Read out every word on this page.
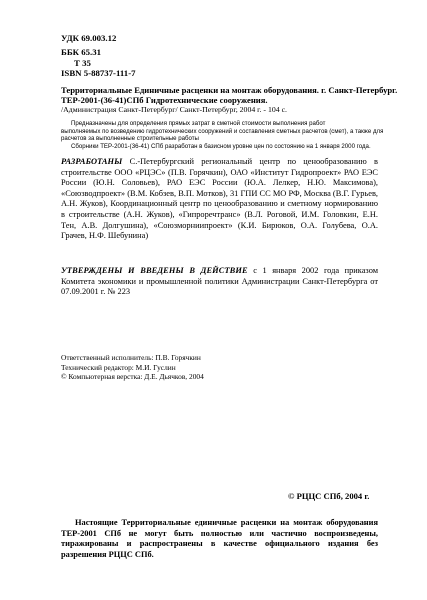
УДК 69.003.12
ББК 65.31
Т 35
ISBN 5-88737-111-7
Территориальные Единичные расценки на монтаж оборудования. г. Санкт-Петербург.
ТЕР-2001-(36-41)СПб Гидротехнические сооружения.
/Администрация Санкт-Петербург/ Санкт-Петербург, 2004 г. - 104 с.
Предназначены для определения прямых затрат в сметной стоимости выполнения работ
выполняемых по возведению гидротехнических сооружений и составления сметных расчетов (смет), а также для
расчетов за выполненные строительные работы
Сборники ТЕР-2001-(36-41) СПб разработан в базисном уровне цен по состоянию на 1 января 2000 года.
РАЗРАБОТАНЫ С.-Петербургский региональный центр по ценообразованию в строительстве ООО «РЦЭС» (П.В. Горячкин), ОАО «Институт Гидропроект» РАО ЕЭС России (Ю.Н. Соловьев), РАО ЕЭС России (Ю.А. Лелкер, Н.Ю. Максимова), «Союзводпроект» (В.М. Кобзев, В.П. Мотков), 31 ГПИ СС МО РФ, Москва (В.Г. Гурьев, А.Н. Жуков), Координационный центр по ценообразованию и сметному нормированию в строительстве (А.Н. Жуков), «Гипроречтранс» (В.Л. Роговой, И.М. Головкин, Е.Н. Тен, А.В. Долгушина), «Союзморниипроект» (К.И. Бирюков, О.А. Голубева, О.А. Грачев, Н.Ф. Шебунина)
УТВЕРЖДЕНЫ И ВВЕДЕНЫ В ДЕЙСТВИЕ с 1 января 2002 года приказом Комитета экономики и промышленной политики Администрации Санкт-Петербурга от 07.09.2001 г. № 223
Ответственный исполнитель: П.В. Горячкин
Технический редактор: М.И. Гуслин
© Компьютерная верстка: Д.Е. Дьячков, 2004
© РЦЦС СПб, 2004 г.
Настоящие Территориальные единичные расценки на монтаж оборудования ТЕР-2001 СПб не могут быть полностью или частично воспроизведены, тиражированы и распространены в качестве официального издания без разрешения РЦЦС СПб.
